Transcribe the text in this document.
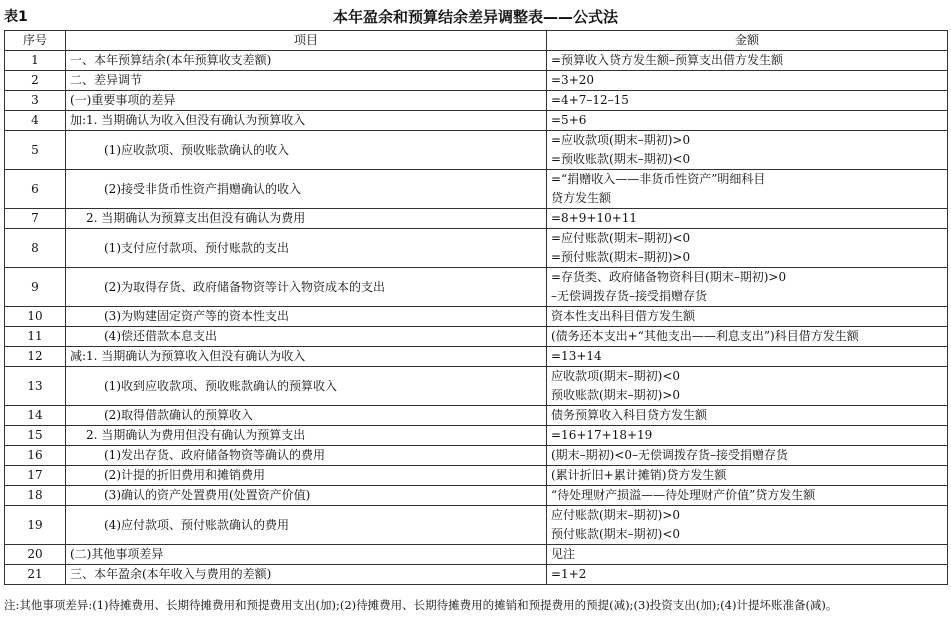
表1	本年盈余和预算结余差异调整表——公式法
序号	项目	金额
1	一、本年预算结余(本年预算收支差额)	=预算收入贷方发生额–预算支出借方发生额

2	二、差异调节	=3+20

3	(一)重要事项的差异	=4+7–12–15

4	加:1. 当期确认为收入但没有确认为预算收入	=5+6

5	(1)应收款项、预收账款确认的收入	=应收款项(期末–期初)>0
=预收账款(期末–期初)<0

6	(2)接受非货币性资产捐赠确认的收入	=“捐赠收入——非货币性资产”明细科目
贷方发生额

7	2. 当期确认为预算支出但没有确认为费用	=8+9+10+11

8	(1)支付应付款项、预付账款的支出	=应付账款(期末–期初)<0
=预付账款(期末–期初)>0

9	(2)为取得存货、政府储备物资等计入物资成本的支出	=存货类、政府储备物资科目(期末–期初)>0
–无偿调拨存货–接受捐赠存货

10	(3)为购建固定资产等的资本性支出	资本性支出科目借方发生额

11	(4)偿还借款本息支出	(债务还本支出+“其他支出——利息支出”)科目借方发生额

12	减:1. 当期确认为预算收入但没有确认为收入	=13+14

13	(1)收到应收款项、预收账款确认的预算收入	应收款项(期末–期初)<0
预收账款(期末–期初)>0

14	(2)取得借款确认的预算收入	债务预算收入科目贷方发生额

15	2. 当期确认为费用但没有确认为预算支出	=16+17+18+19

16	(1)发出存货、政府储备物资等确认的费用	(期末–期初)<0–无偿调拨存货–接受捐赠存货

17	(2)计提的折旧费用和摊销费用	(累计折旧+累计摊销)贷方发生额

18	(3)确认的资产处置费用(处置资产价值)	“待处理财产损溢——待处理财产价值”贷方发生额

19	(4)应付款项、预付账款确认的费用	应付账款(期末–期初)>0
预付账款(期末–期初)<0

20	(二)其他事项差异	见注

21	三、本年盈余(本年收入与费用的差额)	=1+2
注:其他事项差异:(1)待摊费用、长期待摊费用和预提费用支出(加);(2)待摊费用、长期待摊费用的摊销和预提费用的预提(减);(3)投资支出(加);(4)计提坏账准备(减)。
